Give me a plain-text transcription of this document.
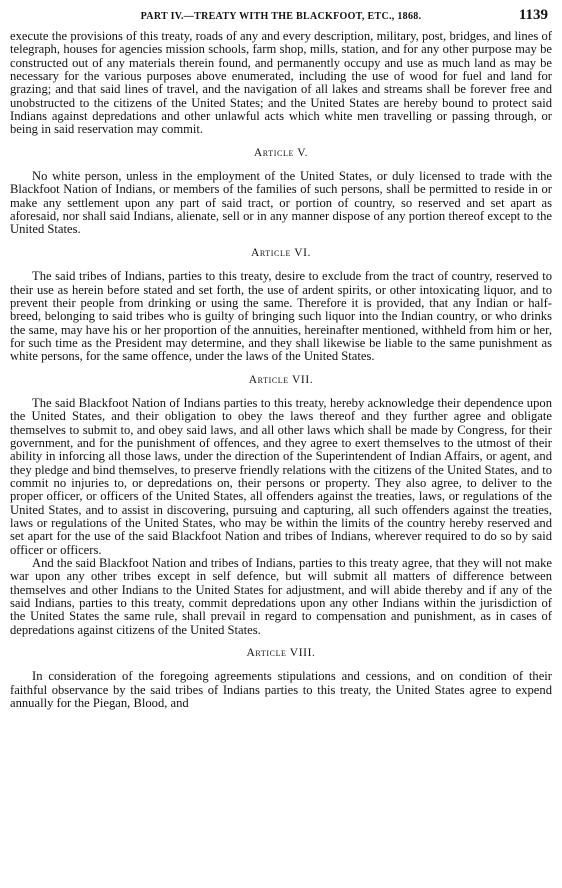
PART IV.—TREATY WITH THE BLACKFOOT, ETC., 1868.	1139

execute the provisions of this treaty, roads of any and every description, military, post, bridges, and lines of telegraph, houses for agencies mission schools, farm shop, mills, station, and for any other purpose may be constructed out of any materials therein found, and permanently occupy and use as much land as may be necessary for the various purposes above enumerated, including the use of wood for fuel and land for grazing; and that said lines of travel, and the navigation of all lakes and streams shall be forever free and unobstructed to the citizens of the United States; and the United States are hereby bound to protect said Indians against depredations and other unlawful acts which white men travelling or passing through, or being in said reservation may commit.

Article V.

No white person, unless in the employment of the United States, or duly licensed to trade with the Blackfoot Nation of Indians, or members of the families of such persons, shall be permitted to reside in or make any settlement upon any part of said tract, or portion of country, so reserved and set apart as aforesaid, nor shall said Indians, alienate, sell or in any manner dispose of any portion thereof except to the United States.

Article VI.

The said tribes of Indians, parties to this treaty, desire to exclude from the tract of country, reserved to their use as herein before stated and set forth, the use of ardent spirits, or other intoxicating liquor, and to prevent their people from drinking or using the same. Therefore it is provided, that any Indian or half-breed, belonging to said tribes who is guilty of bringing such liquor into the Indian country, or who drinks the same, may have his or her proportion of the annuities, hereinafter mentioned, withheld from him or her, for such time as the President may determine, and they shall likewise be liable to the same punishment as white persons, for the same offence, under the laws of the United States.

Article VII.

The said Blackfoot Nation of Indians parties to this treaty, hereby acknowledge their dependence upon the United States, and their obligation to obey the laws thereof and they further agree and obligate themselves to submit to, and obey said laws, and all other laws which shall be made by Congress, for their government, and for the punishment of offences, and they agree to exert themselves to the utmost of their ability in inforcing all those laws, under the direction of the Superintendent of Indian Affairs, or agent, and they pledge and bind themselves, to preserve friendly relations with the citizens of the United States, and to commit no injuries to, or depredations on, their persons or property. They also agree, to deliver to the proper officer, or officers of the United States, all offenders against the treaties, laws, or regulations of the United States, and to assist in discovering, pursuing and capturing, all such offenders against the treaties, laws or regulations of the United States, who may be within the limits of the country hereby reserved and set apart for the use of the said Blackfoot Nation and tribes of Indians, wherever required to do so by said officer or officers.

And the said Blackfoot Nation and tribes of Indians, parties to this treaty agree, that they will not make war upon any other tribes except in self defence, but will submit all matters of difference between themselves and other Indians to the United States for adjustment, and will abide thereby and if any of the said Indians, parties to this treaty, commit depredations upon any other Indians within the jurisdiction of the United States the same rule, shall prevail in regard to compensation and punishment, as in cases of depredations against citizens of the United States.

Article VIII.

In consideration of the foregoing agreements stipulations and cessions, and on condition of their faithful observance by the said tribes of Indians parties to this treaty, the United States agree to expend annually for the Piegan, Blood, and
